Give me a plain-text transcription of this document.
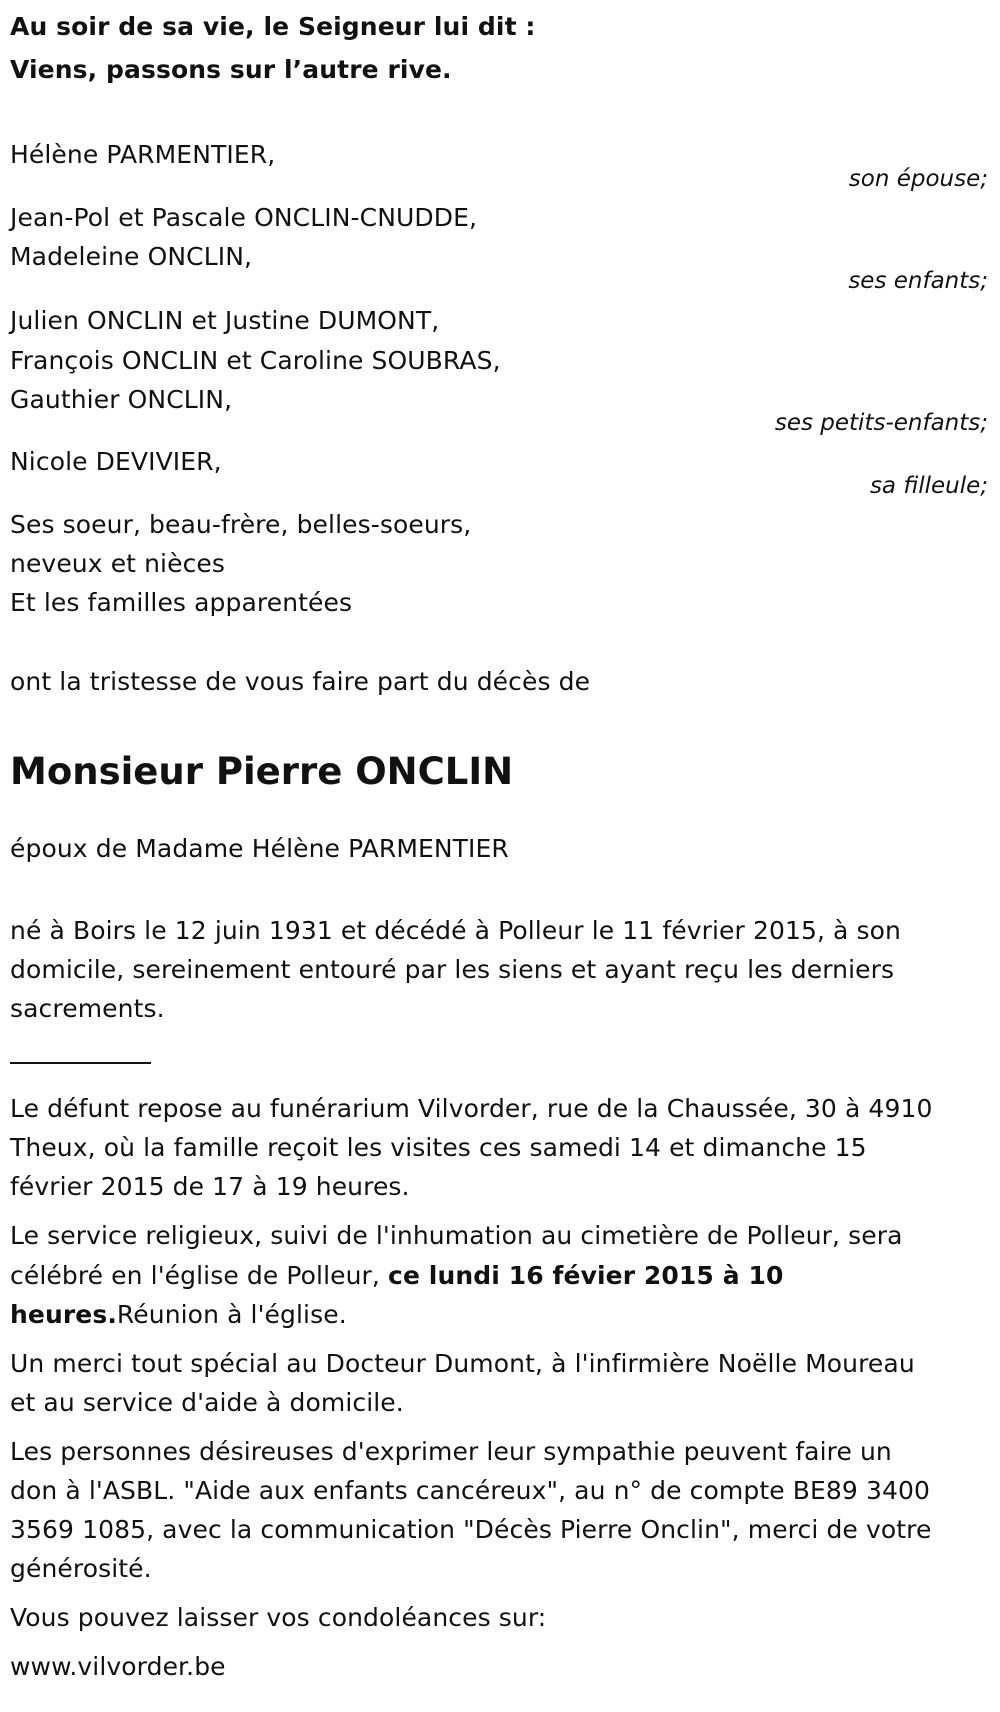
Au soir de sa vie, le Seigneur lui dit :
Viens, passons sur l’autre rive.
Hélène PARMENTIER,
son épouse;
Jean-Pol et Pascale ONCLIN-CNUDDE,
Madeleine ONCLIN,
ses enfants;
Julien ONCLIN et Justine DUMONT,
François ONCLIN et Caroline SOUBRAS,
Gauthier ONCLIN,
ses petits-enfants;
Nicole DEVIVIER,
sa filleule;
Ses soeur, beau-frère, belles-soeurs,
neveux et nièces
Et les familles apparentées
ont la tristesse de vous faire part du décès de
Monsieur Pierre ONCLIN
époux de Madame Hélène PARMENTIER
né à Boirs le 12 juin 1931 et décédé à Polleur le 11 février 2015, à son
domicile, sereinement entouré par les siens et ayant reçu les derniers
sacrements.
Le défunt repose au funérarium Vilvorder, rue de la Chaussée, 30 à 4910
Theux, où la famille reçoit les visites ces samedi 14 et dimanche 15
février 2015 de 17 à 19 heures.
Le service religieux, suivi de l'inhumation au cimetière de Polleur, sera
célébré en l'église de Polleur, ce lundi 16 févier 2015 à 10
heures.Réunion à l'église.
Un merci tout spécial au Docteur Dumont, à l'infirmière Noëlle Moureau
et au service d'aide à domicile.
Les personnes désireuses d'exprimer leur sympathie peuvent faire un
don à l'ASBL. "Aide aux enfants cancéreux", au n° de compte BE89 3400
3569 1085, avec la communication "Décès Pierre Onclin", merci de votre
générosité.
Vous pouvez laisser vos condoléances sur:
www.vilvorder.be
